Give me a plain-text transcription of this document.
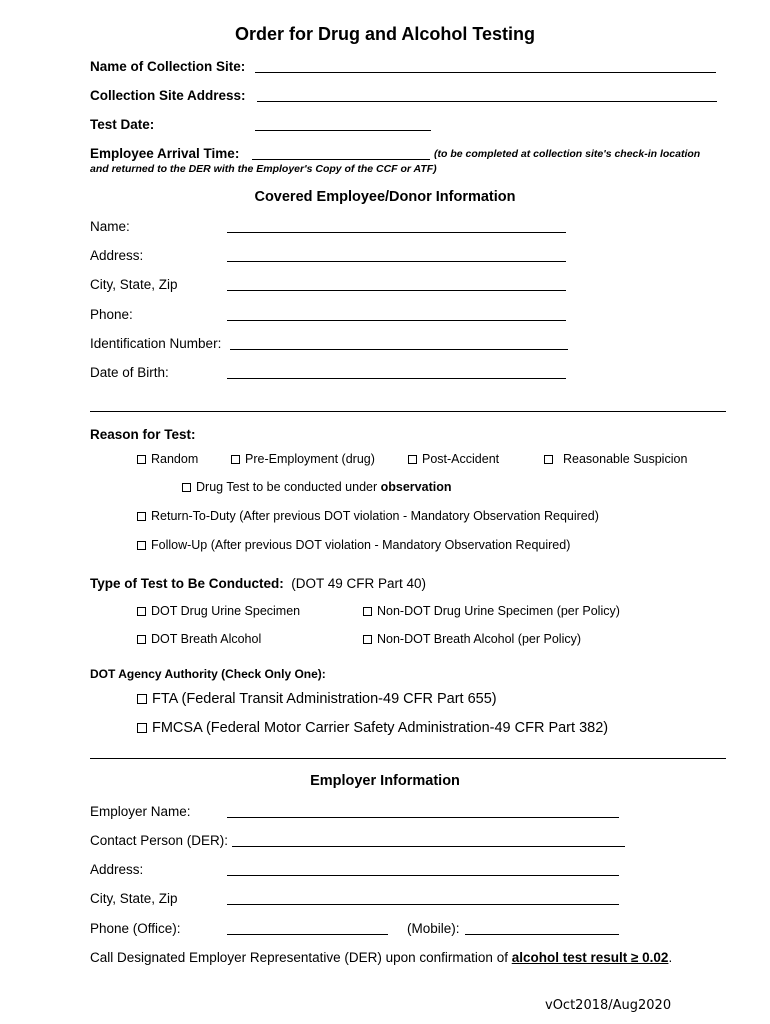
Order for Drug and Alcohol Testing
Name of Collection Site:
Collection Site Address:
Test Date:
Employee Arrival Time:	(to be completed at collection site's check-in location
and returned to the DER with the Employer's Copy of the CCF or ATF)
Covered Employee/Donor Information
Name:
Address:
City, State, Zip
Phone:
Identification Number:
Date of Birth:
Reason for Test:
Random	Pre-Employment (drug)	Post-Accident	Reasonable Suspicion
Drug Test to be conducted under
observation
Return-To-Duty (After previous DOT violation - Mandatory Observation Required)
Follow-Up (After previous DOT violation - Mandatory Observation Required)
Type of Test to Be Conducted: (DOT 49 CFR Part 40)
DOT Drug Urine Specimen	Non-DOT Drug Urine Specimen (per Policy)
DOT Breath Alcohol	Non-DOT Breath Alcohol (per Policy)
DOT Agency Authority (Check Only One):
FTA (Federal Transit Administration-49 CFR Part 655)
FMCSA (Federal Motor Carrier Safety Administration-49 CFR Part 382)
Employer Information
Employer Name:
Contact Person (DER):
Address:
City, State, Zip
Phone (Office):	(Mobile):
Call Designated Employer Representative (DER) upon confirmation of alcohol test result ≥ 0.02.
vOct2018/Aug2020
